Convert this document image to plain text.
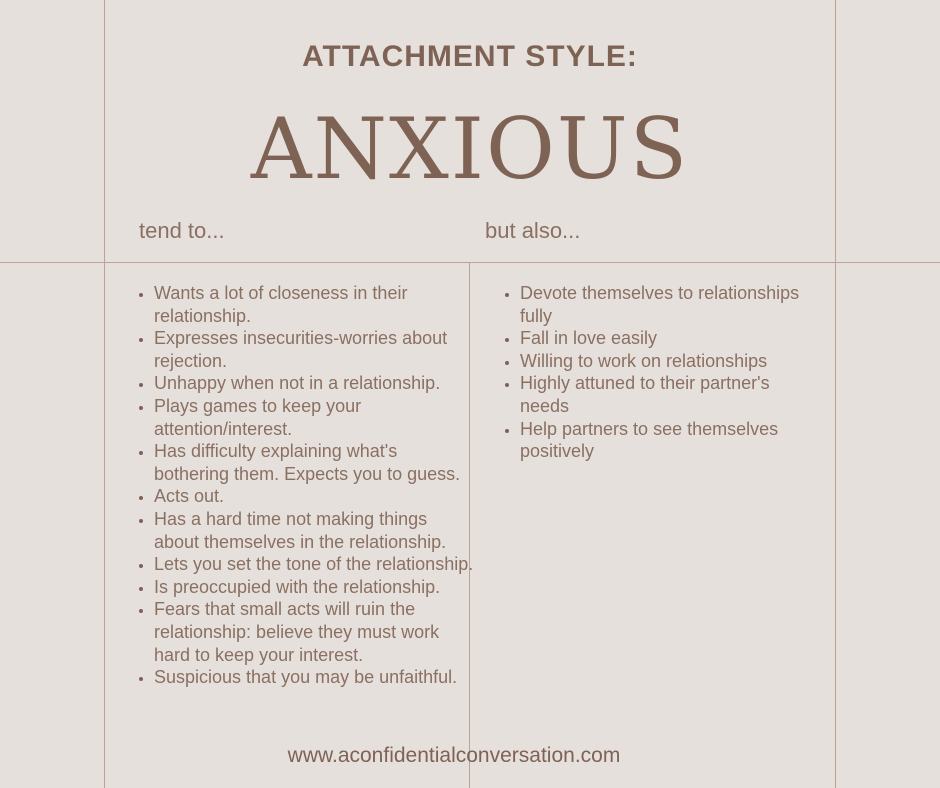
ATTACHMENT STYLE:
ANXIOUS
tend to...	but also...
• Wants a lot of closeness in their relationship.
• Expresses insecurities-worries about rejection.
• Unhappy when not in a relationship.
• Plays games to keep your attention/interest.
• Has difficulty explaining what's bothering them. Expects you to guess.
• Acts out.
• Has a hard time not making things about themselves in the relationship.
• Lets you set the tone of the relationship.
• Is preoccupied with the relationship.
• Fears that small acts will ruin the relationship: believe they must work hard to keep your interest.
• Suspicious that you may be unfaithful.
• Devote themselves to relationships fully
• Fall in love easily
• Willing to work on relationships
• Highly attuned to their partner's needs
• Help partners to see themselves positively
www.aconfidentialconversation.com
